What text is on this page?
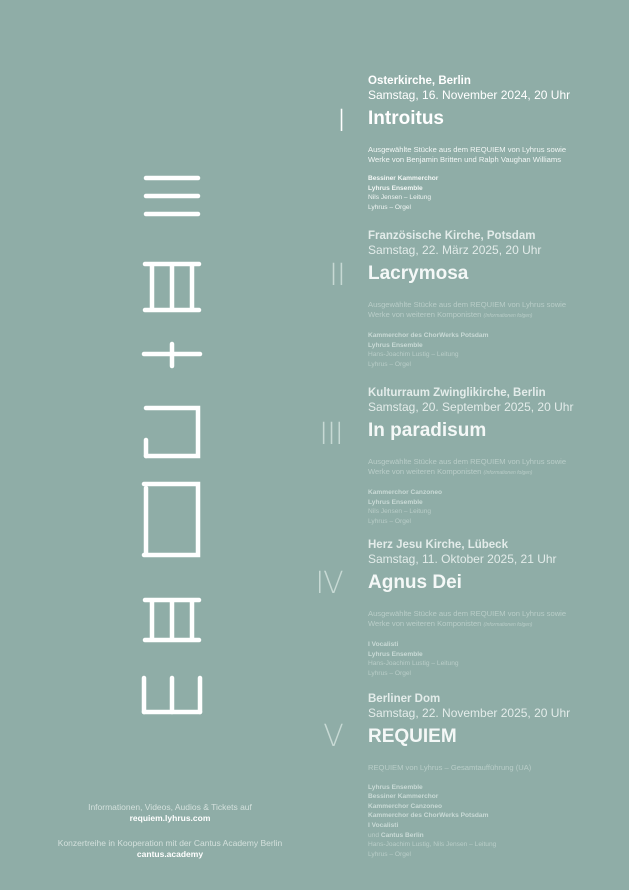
I
Osterkirche, Berlin
Samstag, 16. November 2024, 20 Uhr
Introitus
Ausgewählte Stücke aus dem REQUIEM von Lyhrus sowie
Werke von Benjamin Britten und Ralph Vaughan Williams
Bessiner Kammerchor
Lyhrus Ensemble
Nils Jensen – Leitung
Lyhrus – Orgel
II
Französische Kirche, Potsdam
Samstag, 22. März 2025, 20 Uhr
Lacrymosa
Ausgewählte Stücke aus dem REQUIEM von Lyhrus sowie
Werke von weiteren Komponisten (Informationen folgen)
Kammerchor des ChorWerks Potsdam
Lyhrus Ensemble
Hans-Joachim Lustig – Leitung
Lyhrus – Orgel
III
Kulturraum Zwinglikirche, Berlin
Samstag, 20. September 2025, 20 Uhr
In paradisum
Ausgewählte Stücke aus dem REQUIEM von Lyhrus sowie
Werke von weiteren Komponisten (Informationen folgen)
Kammerchor Canzoneo
Lyhrus Ensemble
Nils Jensen – Leitung
Lyhrus – Orgel
IV
Herz Jesu Kirche, Lübeck
Samstag, 11. Oktober 2025, 21 Uhr
Agnus Dei
Ausgewählte Stücke aus dem REQUIEM von Lyhrus sowie
Werke von weiteren Komponisten (Informationen folgen)
I Vocalisti
Lyhrus Ensemble
Hans-Joachim Lustig – Leitung
Lyhrus – Orgel
V
Berliner Dom
Samstag, 22. November 2025, 20 Uhr
REQUIEM
REQUIEM von Lyhrus – Gesamtaufführung (UA)
Lyhrus Ensemble
Bessiner Kammerchor
Kammerchor Canzoneo
Kammerchor des ChorWerks Potsdam
I Vocalisti
und Cantus Berlin
Hans-Joachim Lustig, Nils Jensen – Leitung
Lyhrus – Orgel
Informationen, Videos, Audios & Tickets auf
requiem.lyhrus.com
Konzertreihe in Kooperation mit der Cantus Academy Berlin
cantus.academy
